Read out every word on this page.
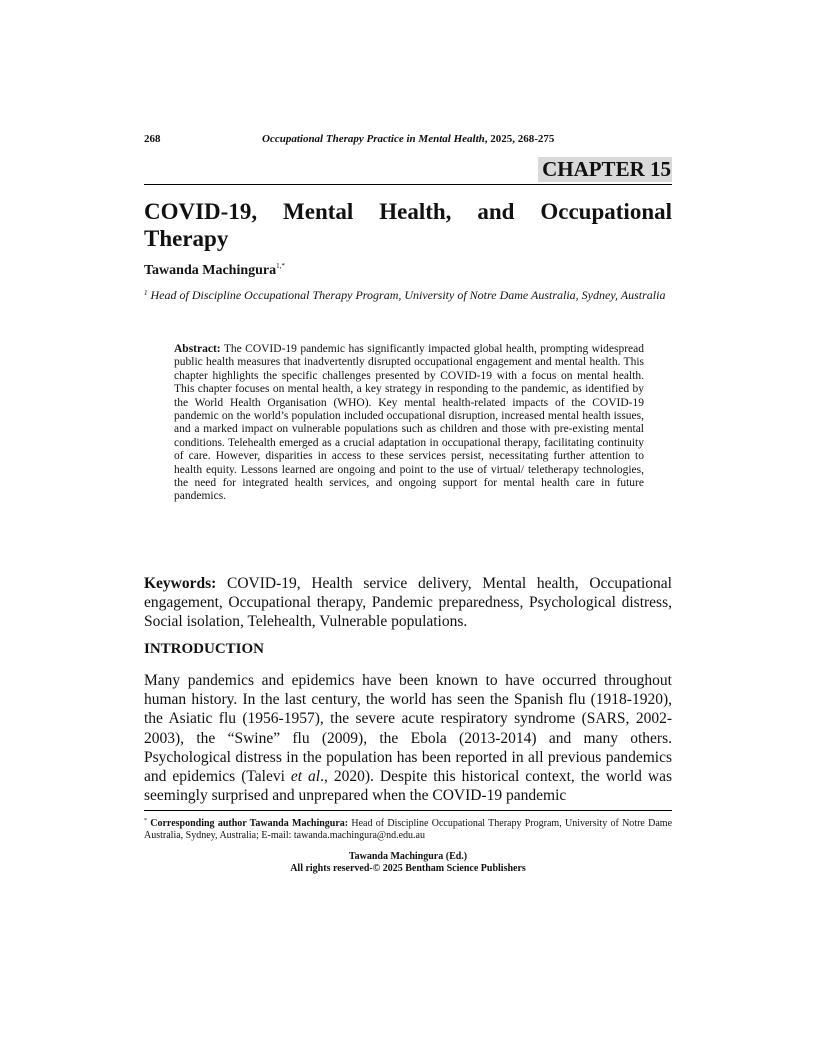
268	Occupational Therapy Practice in Mental Health, 2025, 268-275
CHAPTER 15
COVID-19, Mental Health, and Occupational Therapy
Tawanda Machingura$^{1,*}$
$^1$ Head of Discipline Occupational Therapy Program, University of Notre Dame Australia, Sydney, Australia

Abstract: The COVID-19 pandemic has significantly impacted global health, prompting widespread public health measures that inadvertently disrupted occupational engagement and mental health. This chapter highlights the specific challenges presented by COVID-19 with a focus on mental health. This chapter focuses on mental health, a key strategy in responding to the pandemic, as identified by the World Health Organisation (WHO). Key mental health-related impacts of the COVID-19 pandemic on the world’s population included occupational disruption, increased mental health issues, and a marked impact on vulnerable populations such as children and those with pre-existing mental conditions. Telehealth emerged as a crucial adaptation in occupational therapy, facilitating continuity of care. However, disparities in access to these services persist, necessitating further attention to health equity. Lessons learned are ongoing and point to the use of virtual/ teletherapy technologies, the need for integrated health services, and ongoing support for mental health care in future pandemics.

Keywords: COVID-19, Health service delivery, Mental health, Occupational engagement, Occupational therapy, Pandemic preparedness, Psychological distress, Social isolation, Telehealth, Vulnerable populations.

INTRODUCTION

Many pandemics and epidemics have been known to have occurred throughout human history. In the last century, the world has seen the Spanish flu (1918-1920), the Asiatic flu (1956-1957), the severe acute respiratory syndrome (SARS, 2002-2003), the “Swine” flu (2009), the Ebola (2013-2014) and many others. Psychological distress in the population has been reported in all previous pandemics and epidemics (Talevi et al., 2020). Despite this historical context, the world was seemingly surprised and unprepared when the COVID-19 pandemic

* Corresponding author Tawanda Machingura: Head of Discipline Occupational Therapy Program, University of Notre Dame Australia, Sydney, Australia; E-mail: tawanda.machingura@nd.edu.au

Tawanda Machingura (Ed.)
All rights reserved-© 2025 Bentham Science Publishers
